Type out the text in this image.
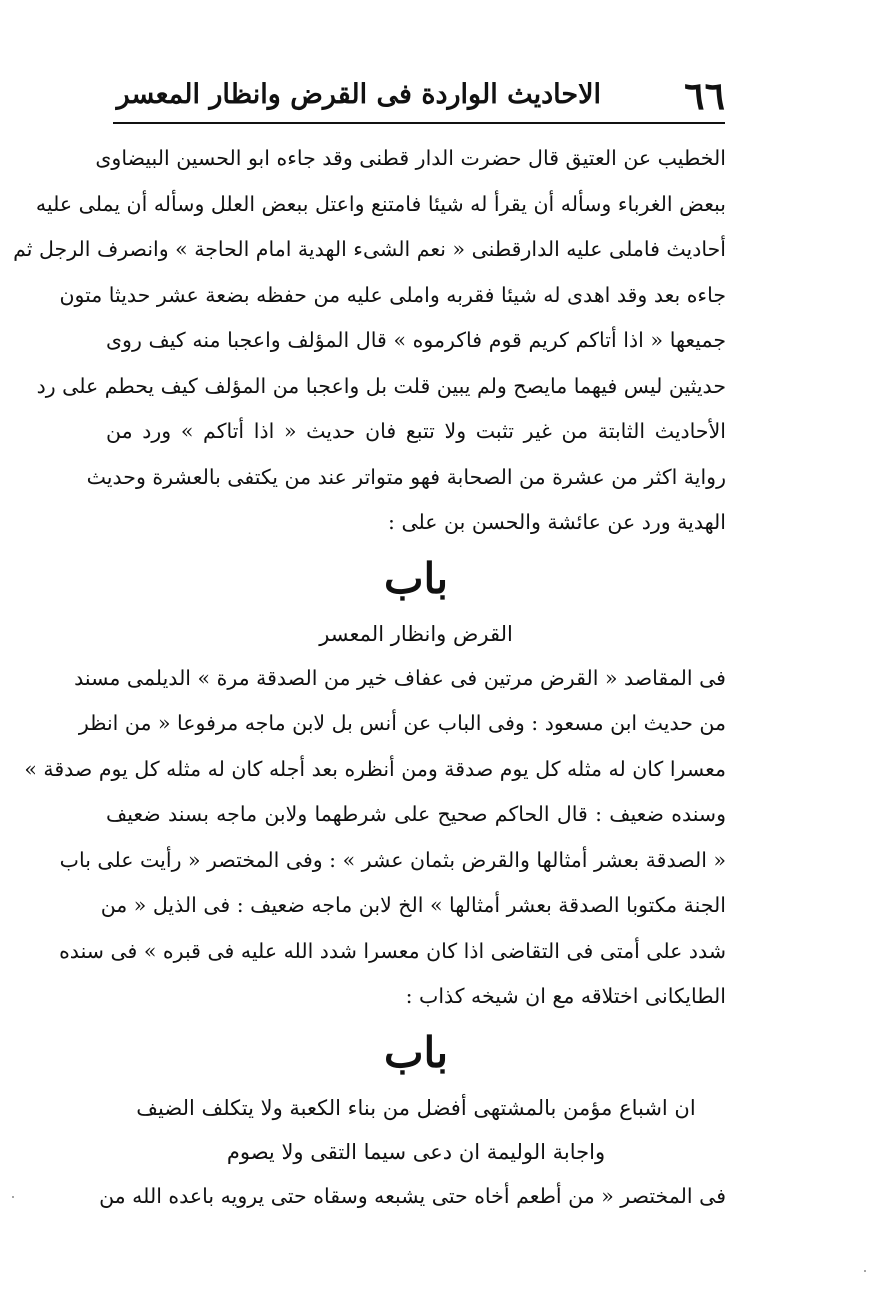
٦٦
الاحاديث الواردة فى القرض وانظار المعسر
الخطيب عن العتيق قال حضرت الدار قطنى وقد جاءه ابو الحسين البيضاوى
ببعض الغرباء وسأله أن يقرأ له شيئا فامتنع واعتل ببعض العلل وسأله أن يملى عليه
أحاديث فاملى عليه الدارقطنى « نعم الشىء الهدية امام الحاجة » وانصرف الرجل ثم
جاءه بعد وقد اهدى له شيئا فقربه واملى عليه من حفظه بضعة عشر حديثا متون
جميعها « اذا أتاكم كريم قوم فاكرموه » قال المؤلف واعجبا منه كيف روى
حديثين ليس فيهما مايصح ولم يبين قلت بل واعجبا من المؤلف كيف يحطم على رد
الأحاديث الثابتة من غير تثبت ولا تتبع فان حديث « اذا أتاكم » ورد من
رواية اكثر من عشرة من الصحابة فهو متواتر عند من يكتفى بالعشرة وحديث
الهدية ورد عن عائشة والحسن بن على :
باب
القرض وانظار المعسر
فى المقاصد « القرض مرتين فى عفاف خير من الصدقة مرة » الديلمى مسند
من حديث ابن مسعود : وفى الباب عن أنس بل لابن ماجه مرفوعا « من انظر
معسرا كان له مثله كل يوم صدقة ومن أنظره بعد أجله كان له مثله كل يوم صدقة »
وسنده ضعيف : قال الحاكم صحيح على شرطهما ولابن ماجه بسند ضعيف
« الصدقة بعشر أمثالها والقرض بثمان عشر » : وفى المختصر « رأيت على باب
الجنة مكتوبا الصدقة بعشر أمثالها » الخ لابن ماجه ضعيف : فى الذيل « من
شدد على أمتى فى التقاضى اذا كان معسرا شدد الله عليه فى قبره » فى سنده
الطايكانى اختلاقه مع ان شيخه كذاب :
باب
ان اشباع مؤمن بالمشتهى أفضل من بناء الكعبة ولا يتكلف الضيف
واجابة الوليمة ان دعى سيما التقى ولا يصوم
فى المختصر « من أطعم أخاه حتى يشبعه وسقاه حتى يرويه باعده الله من
